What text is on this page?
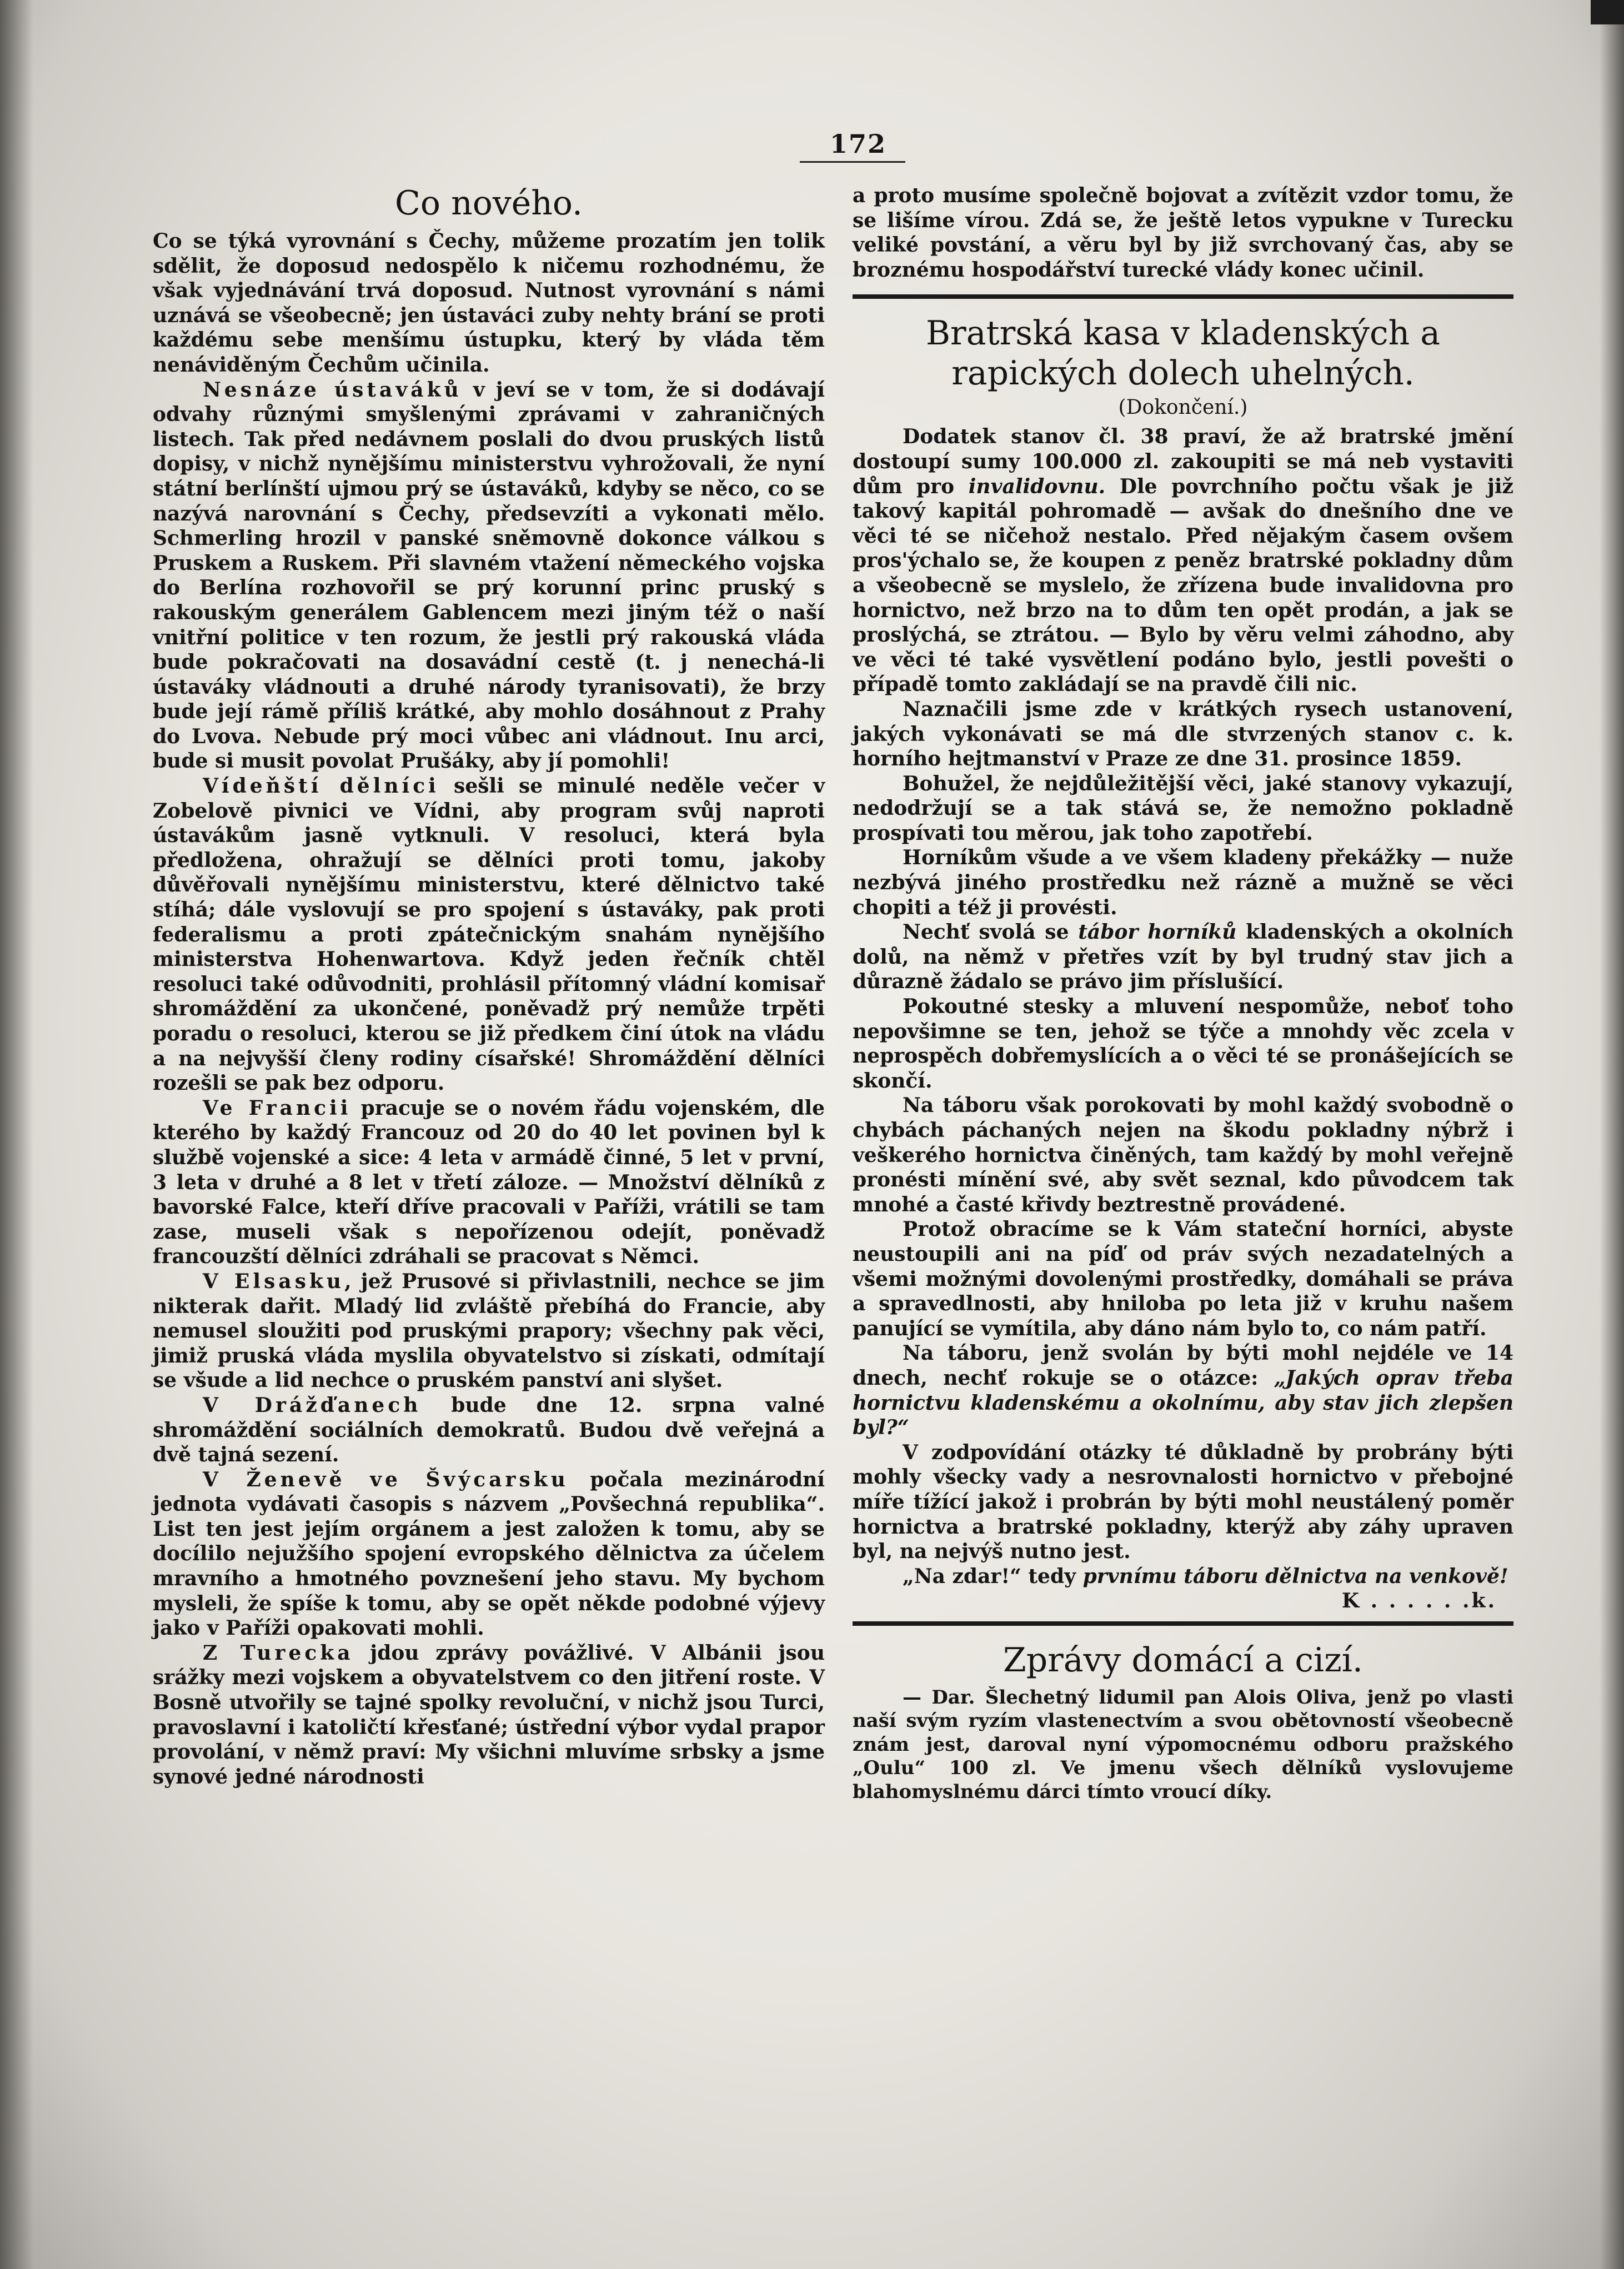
172
Co nového.

Co se týká vyrovnání s Čechy, můžeme prozatím jen tolik sdělit, že doposud nedospělo k ničemu rozhodnému, že však vyjednávání trvá doposud. Nutnost vyrovnání s námi uznává se všeobecně; jen ústaváci zuby nehty brání se proti každému sebe menšímu ústupku, který by vláda těm nenáviděným Čechům učinila.

Nesnáze ústaváků v jeví se v tom, že si dodávají odvahy různými smyšlenými zprávami v zahraničných listech. Tak před nedávnem poslali do dvou pruských listů dopisy, v nichž nynějšímu ministerstvu vyhrožovali, že nyní státní berlínští ujmou prý se ústaváků, kdyby se něco, co se nazývá narovnání s Čechy, předsevzíti a vykonati mělo. Schmerling hrozil v panské sněmovně dokonce válkou s Pruskem a Ruskem. Při slavném vtažení německého vojska do Berlína rozhovořil se prý korunní princ pruský s rakouským generálem Gablencem mezi jiným též o naší vnitřní politice v ten rozum, že jestli prý rakouská vláda bude pokračovati na dosavádní cestě (t. j nenechá-li ústaváky vládnouti a druhé národy tyranisovati), že brzy bude její rámě příliš krátké, aby mohlo dosáhnout z Prahy do Lvova. Nebude prý moci vůbec ani vládnout. Inu arci, bude si musit povolat Prušáky, aby jí pomohli!

Vídeňští dělníci sešli se minulé neděle večer v Zobelově pivnici ve Vídni, aby program svůj naproti ústavákům jasně vytknuli. V resoluci, která byla předložena, ohražují se dělníci proti tomu, jakoby důvěřovali nynějšímu ministerstvu, které dělnictvo také stíhá; dále vyslovují se pro spojení s ústaváky, pak proti federalismu a proti zpátečnickým snahám nynějšího ministerstva Hohenwartova. Když jeden řečník chtěl resoluci také odůvodniti, prohlásil přítomný vládní komisař shromáždění za ukončené, poněvadž prý nemůže trpěti poradu o resoluci, kterou se již předkem činí útok na vládu a na nejvyšší členy rodiny císařské! Shromáždění dělníci rozešli se pak bez odporu.

Ve Francii pracuje se o novém řádu vojenském, dle kterého by každý Francouz od 20 do 40 let povinen byl k službě vojenské a sice: 4 leta v armádě činné, 5 let v první, 3 leta v druhé a 8 let v třetí záloze. — Množství dělníků z bavorské Falce, kteří dříve pracovali v Paříži, vrátili se tam zase, museli však s nepořízenou odejít, poněvadž francouzští dělníci zdráhali se pracovat s Němci.

V Elsasku, jež Prusové si přivlastnili, nechce se jim nikterak dařit. Mladý lid zvláště přebíhá do Francie, aby nemusel sloužiti pod pruskými prapory; všechny pak věci, jimiž pruská vláda myslila obyvatelstvo si získati, odmítají se všude a lid nechce o pruském panství ani slyšet.

V Drážďanech bude dne 12. srpna valné shromáždění sociálních demokratů. Budou dvě veřejná a dvě tajná sezení.

V Ženevě ve Švýcarsku počala mezinárodní jednota vydávati časopis s názvem „Povšechná republika“. List ten jest jejím orgánem a jest založen k tomu, aby se docílilo nejužšího spojení evropského dělnictva za účelem mravního a hmotného povznešení jeho stavu. My bychom mysleli, že spíše k tomu, aby se opět někde podobné výjevy jako v Paříži opakovati mohli.

Z Turecka jdou zprávy povážlivé. V Albánii jsou srážky mezi vojskem a obyvatelstvem co den jitření roste. V Bosně utvořily se tajné spolky revoluční, v nichž jsou Turci, pravoslavní i katoličtí křesťané; ústřední výbor vydal prapor provolání, v němž praví: My všichni mluvíme srbsky a jsme synové jedné národnosti

a proto musíme společně bojovat a zvítězit vzdor tomu, že se lišíme vírou. Zdá se, že ještě letos vypukne v Turecku veliké povstání, a věru byl by již svrchovaný čas, aby se broznému hospodářství turecké vlády konec učinil.

Bratrská kasa v kladenských a rapických dolech uhelných.
(Dokončení.)

Dodatek stanov čl. 38 praví, že až bratrské jmění dostoupí sumy 100.000 zl. zakoupiti se má neb vystaviti dům pro invalidovnu. Dle povrchního počtu však je již takový kapitál pohromadě — avšak do dnešního dne ve věci té se ničehož nestalo. Před nějakým časem ovšem pros'ýchalo se, že koupen z peněz bratrské pokladny dům a všeobecně se myslelo, že zřízena bude invalidovna pro hornictvo, než brzo na to dům ten opět prodán, a jak se proslýchá, se ztrátou. — Bylo by věru velmi záhodno, aby ve věci té také vysvětlení podáno bylo, jestli povešti o případě tomto zakládají se na pravdě čili nic.

Naznačili jsme zde v krátkých rysech ustanovení, jakých vykonávati se má dle stvrzených stanov c. k. horního hejtmanství v Praze ze dne 31. prosince 1859.

Bohužel, že nejdůležitější věci, jaké stanovy vykazují, nedodržují se a tak stává se, že nemožno pokladně prospívati tou měrou, jak toho zapotřebí.

Horníkům všude a ve všem kladeny překážky — nuže nezbývá jiného prostředku než rázně a mužně se věci chopiti a též ji provésti.

Nechť svolá se tábor horníků kladenských a okolních dolů, na němž v přetřes vzít by byl trudný stav jich a důrazně žádalo se právo jim příslušící.

Pokoutné stesky a mluvení nespomůže, neboť toho nepovšimne se ten, jehož se týče a mnohdy věc zcela v neprospěch dobřemyslících a o věci té se pronášejících se skončí.

Na táboru však porokovati by mohl každý svobodně o chybách páchaných nejen na škodu pokladny nýbrž i veškerého hornictva činěných, tam každý by mohl veřejně pronésti mínění své, aby svět seznal, kdo původcem tak mnohé a časté křivdy beztrestně provádené.

Protož obracíme se k Vám stateční horníci, abyste neustoupili ani na píď od práv svých nezadatelných a všemi možnými dovolenými prostředky, domáhali se práva a spravedlnosti, aby hniloba po leta již v kruhu našem panující se vymítila, aby dáno nám bylo to, co nám patří.

Na táboru, jenž svolán by býti mohl nejdéle ve 14 dnech, nechť rokuje se o otázce: „Jakých oprav třeba hornictvu kladenskému a okolnímu, aby stav jich zlepšen byl?“

V zodpovídání otázky té důkladně by probrány býti mohly všecky vady a nesrovnalosti hornictvo v přebojné míře tížící jakož i probrán by býti mohl neustálený poměr hornictva a bratrské pokladny, kterýž aby záhy upraven byl, na nejvýš nutno jest.

„Na zdar!“ tedy prvnímu táboru dělnictva na venkově!

K . . . . . .k.
Zprávy domácí a cizí.

— Dar. Šlechetný lidumil pan Alois Oliva, jenž po vlasti naší svým ryzím vlastenectvím a svou obětovností všeobecně znám jest, daroval nyní výpomocnému odboru pražského „Oulu“ 100 zl. Ve jmenu všech dělníků vyslovujeme blahomyslnému dárci tímto vroucí díky.
